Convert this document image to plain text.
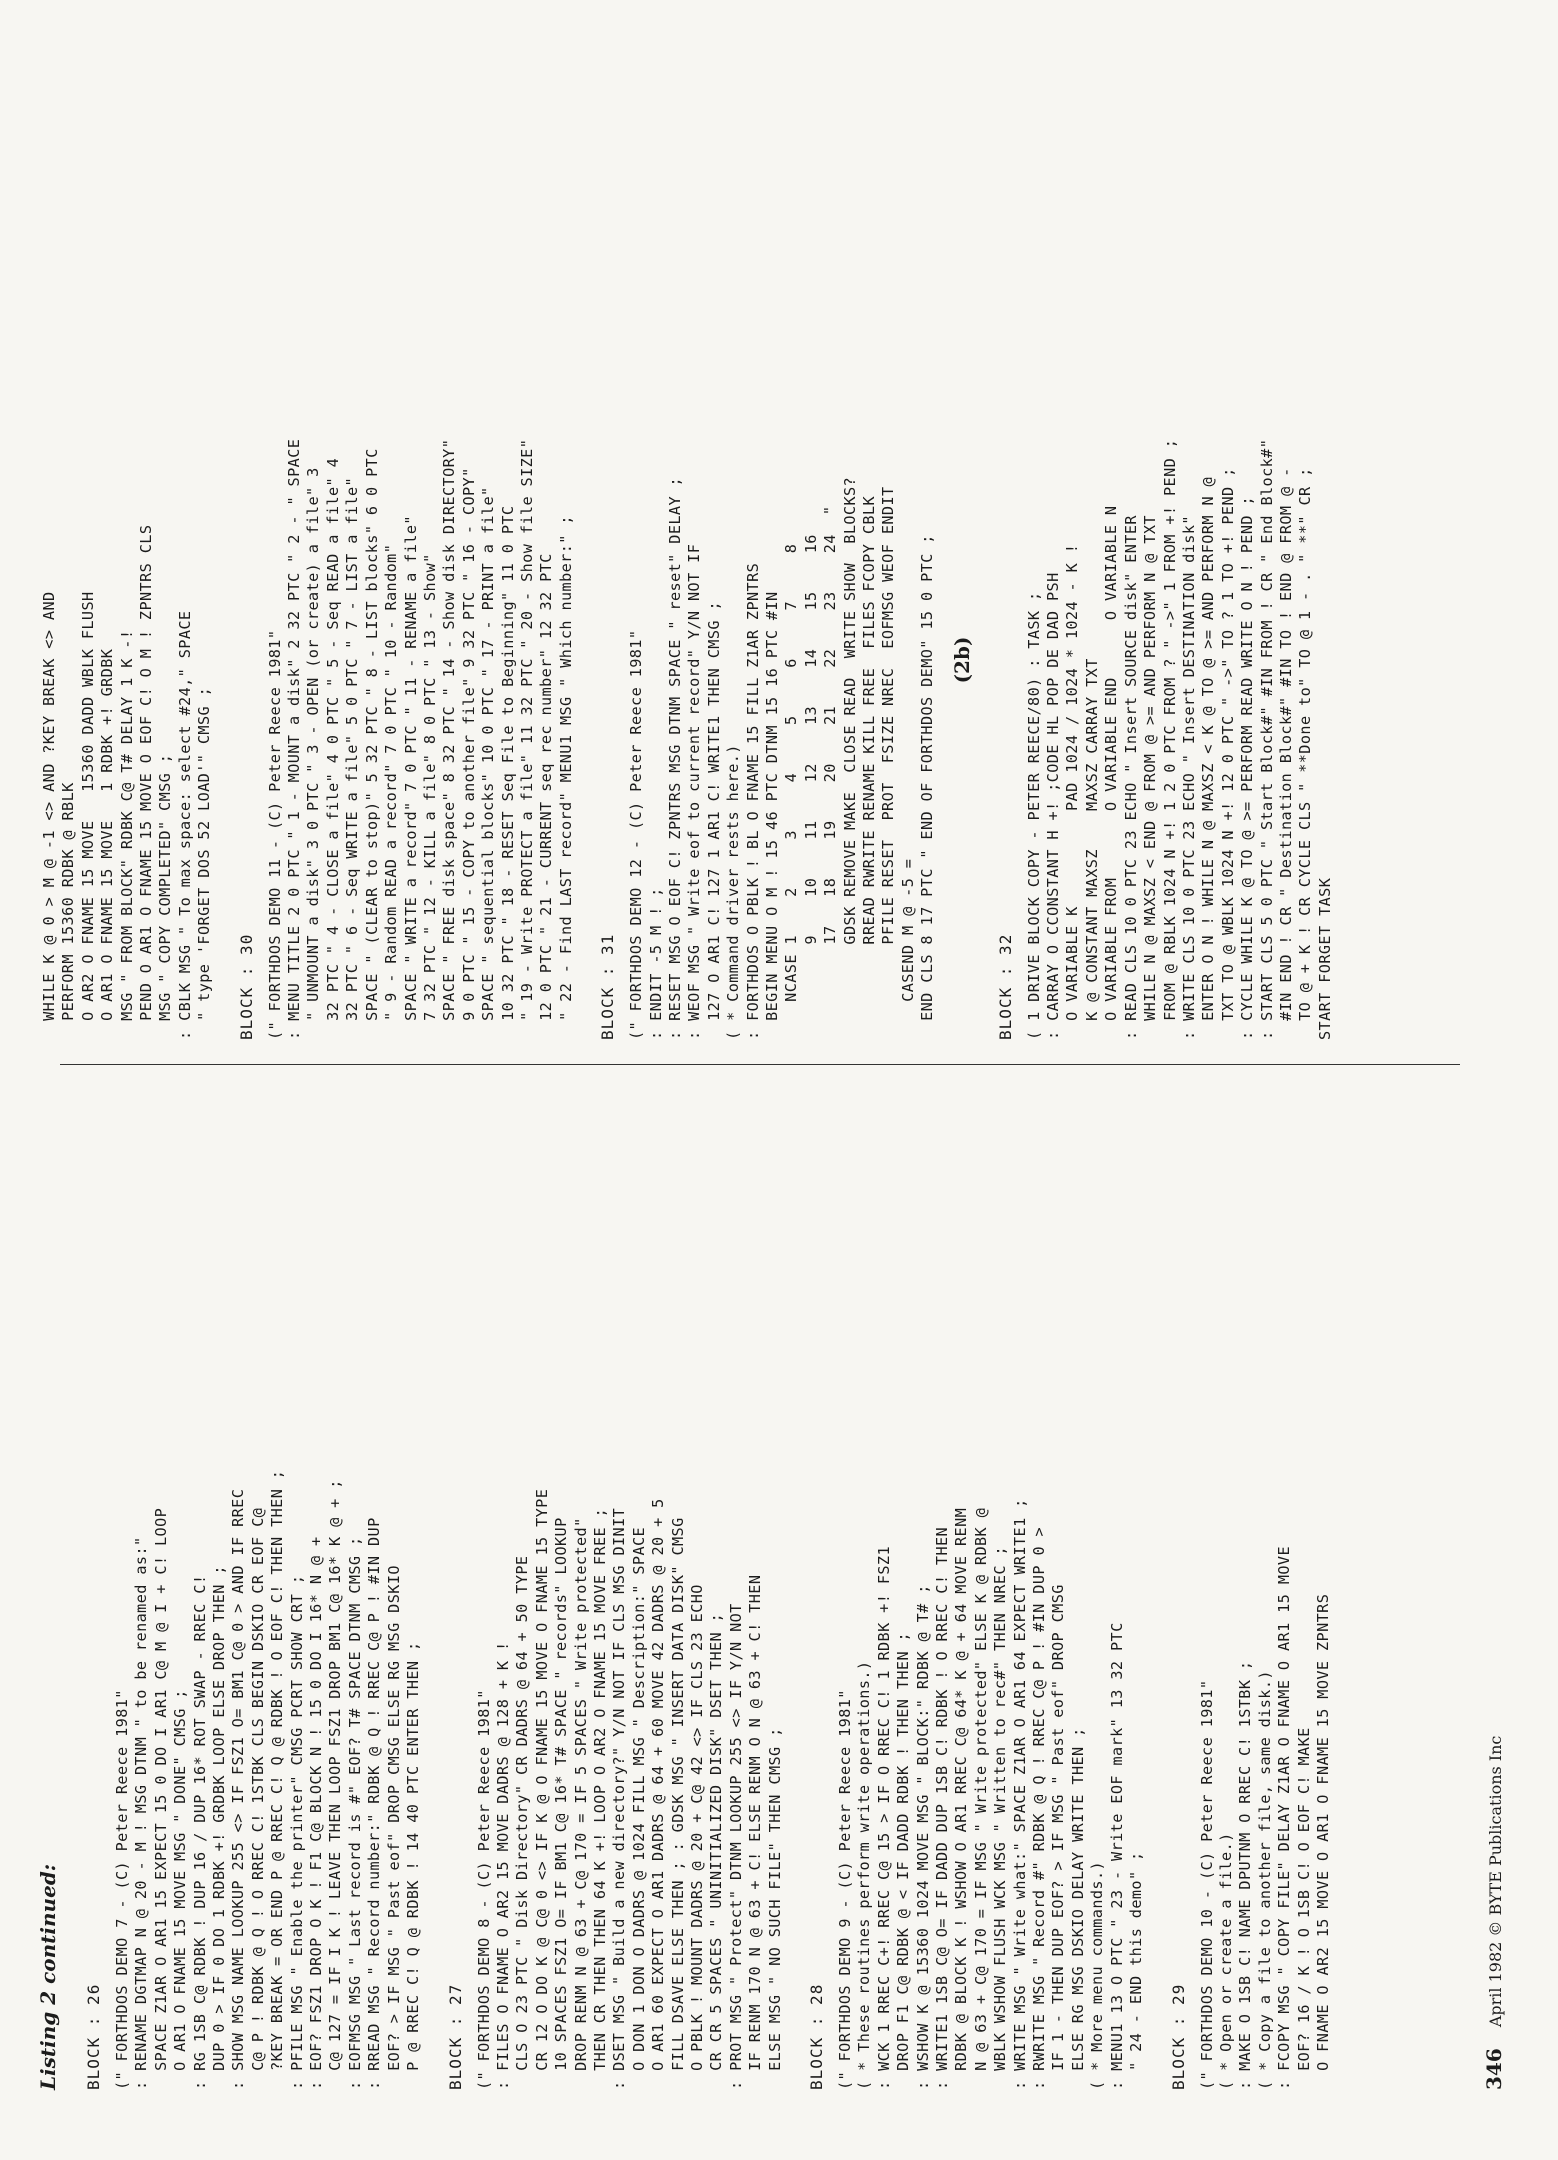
Listing 2 continued: BLOCK : 26 (" FORTHDOS DEMO 7 - (C) Peter Reece 1981" : RENAME DGTMAP N @ 20 - M ! MSG DTNM " to be renamed as:" SPACE Z1AR O AR1 15 EXPECT 15 0 DO I AR1 C@ M @ I + C! LOOP O AR1 O FNAME 15 MOVE MSG " DONE" CMSG ; : RG 1SB C@ RDBK ! DUP 16 / DUP 16* ROT SWAP - RREC C! DUP 0 > IF 0 DO 1 RDBK +! GRDBK LOOP ELSE DROP THEN ; : SHOW MSG NAME LOOKUP 255 <> IF FSZ1 O= BM1 C@ 0 > AND IF RREC C@ P ! RDBK @ Q ! O RREC C! 1STBK CLS BEGIN DSKIO CR EOF C@ ?KEY BREAK = OR END P @ RREC C! Q @ RDBK ! O EOF C! THEN THEN ; : PFILE MSG " Enable the printer" CMSG PCRT SHOW CRT ; : EOF? FSZ1 DROP O K ! F1 C@ BLOCK N ! 15 0 DO I 16* N @ + C@ 127 = IF I K ! LEAVE THEN LOOP FSZ1 DROP BM1 C@ 16* K @ + ; : EOFMSG MSG " Last record is #" EOF? T# SPACE DTNM CMSG ; : RREAD MSG " Record number:" RDBK @ Q ! RREC C@ P ! #IN DUP EOF? > IF MSG " Past eof" DROP CMSG ELSE RG MSG DSKIO P @ RREC C! Q @ RDBK ! 14 40 PTC ENTER THEN ; BLOCK : 27 (" FORTHDOS DEMO 8 - (C) Peter Reece 1981" : FILES O FNAME O AR2 15 MOVE DADRS @ 128 + K ! CLS O 23 PTC " Disk Directory" CR DADRS @ 64 + 50 TYPE CR 12 O DO K @ C@ 0 <> IF K @ O FNAME 15 MOVE O FNAME 15 TYPE 10 SPACES FSZ1 O= IF BM1 C@ 16* T# SPACE " records" LOOKUP DROP RENM N @ 63 + C@ 170 = IF 5 SPACES " Write protected" THEN CR THEN THEN 64 K +! LOOP O AR2 O FNAME 15 MOVE FREE ; : DSET MSG " Build a new directory?" Y/N NOT IF CLS MSG DINIT O DON 1 DON O DADRS @ 1024 FILL MSG " Description:" SPACE O AR1 60 EXPECT O AR1 DADRS @ 64 + 60 MOVE 42 DADRS @ 20 + 5 FILL DSAVE ELSE THEN ; : GDSK MSG " INSERT DATA DISK" CMSG O PBLK ! MOUNT DADRS @ 20 + C@ 42 <> IF CLS 23 ECHO CR CR 5 SPACES " UNINITIALIZED DISK" DSET THEN ; : PROT MSG " Protect" DTNM LOOKUP 255 <> IF Y/N NOT IF RENM 170 N @ 63 + C! ELSE RENM O N @ 63 + C! THEN ELSE MSG " NO SUCH FILE" THEN CMSG ; BLOCK : 28 (" FORTHDOS DEMO 9 - (C) Peter Reece 1981" ( * These routines perform write operations.) : WCK 1 RREC C+! RREC C@ 15 > IF O RREC C! 1 RDBK +! FSZ1 DROP F1 C@ RDBK @ < IF DADD RDBK ! THEN THEN ; : WSHOW K @ 15360 1024 MOVE MSG " BLOCK:" RDBK @ T# ; : WRITE1 1SB C@ O= IF DADD DUP 1SB C! RDBK ! O RREC C! THEN RDBK @ BLOCK K ! WSHOW O AR1 RREC C@ 64* K @ + 64 MOVE RENM N @ 63 + C@ 170 = IF MSG " Write protected" ELSE K @ RDBK @ WBLK WSHOW FLUSH WCK MSG " Written to rec#" THEN NREC ; : WRITE MSG " Write what:" SPACE Z1AR O AR1 64 EXPECT WRITE1 ; : RWRITE MSG " Record #" RDBK @ Q ! RREC C@ P ! #IN DUP 0 > IF 1 - THEN DUP EOF? > IF MSG " Past eof" DROP CMSG ELSE RG MSG DSKIO DELAY WRITE THEN ; ( * More menu commands.) : MENU1 13 O PTC " 23 - Write EOF mark" 13 32 PTC " 24 - END this demo" ; BLOCK : 29 (" FORTHDOS DEMO 10 - (C) Peter Reece 1981" ( * Open or create a file.) : MAKE O 1SB C! NAME DPUTNM O RREC C! 1STBK ; ( * Copy a file to another file, same disk.) : FCOPY MSG " COPY FILE" DELAY Z1AR O FNAME O AR1 15 MOVE EOF? 16 / K ! O 1SB C! O EOF C! MAKE O FNAME O AR2 15 MOVE O AR1 O FNAME 15 MOVE ZPNTRS
WHILE K @ 0 > M @ -1 <> AND ?KEY BREAK <> AND PERFORM 15360 RDBK @ RBLK O AR2 O FNAME 15 MOVE   15360 DADD WBLK FLUSH O AR1 O FNAME 15 MOVE   1 RDBK +! GRDBK MSG " FROM BLOCK" RDBK C@ T# DELAY 1 K -! PEND O AR1 O FNAME 15 MOVE O EOF C! O M ! ZPNTRS CLS MSG " COPY COMPLETED" CMSG ; : CBLK MSG " To max space: select #24," SPACE " type 'FORGET DOS 52 LOAD'" CMSG ; BLOCK : 30 (" FORTHDOS DEMO 11 - (C) Peter Reece 1981" : MENU TITLE 2 0 PTC " 1 - MOUNT a disk" 2 32 PTC " 2 - " SPACE " UNMOUNT a disk" 3 0 PTC " 3 - OPEN (or create) a file" 3 32 PTC " 4 - CLOSE a file" 4 0 PTC " 5 - Seq READ a file" 4 32 PTC " 6 - Seq WRITE a file" 5 0 PTC " 7 - LIST a file" SPACE " (CLEAR to stop)" 5 32 PTC " 8 - LIST blocks" 6 0 PTC " 9 - Random READ a record" 7 0 PTC " 10 - Random" SPACE " WRITE a record" 7 0 PTC " 11 - RENAME a file" 7 32 PTC " 12 - KILL a file" 8 0 PTC " 13 - Show" SPACE " FREE disk space" 8 32 PTC " 14 - Show disk DIRECTORY" 9 0 PTC " 15 - COPY to another file" 9 32 PTC " 16 - COPY" SPACE " sequential blocks" 10 0 PTC " 17 - PRINT a file" 10 32 PTC " 18 - RESET Seq File to Beginning" 11 0 PTC " 19 - Write PROTECT a file" 11 32 PTC " 20 - Show file SIZE" 12 0 PTC " 21 - CURRENT seq rec number" 12 32 PTC " 22 - Find LAST record" MENU1 MSG " Which number:" ; BLOCK : 31 (" FORTHDOS DEMO 12 - (C) Peter Reece 1981" : ENDIT -5 M ! ; : RESET MSG O EOF C! ZPNTRS MSG DTNM SPACE " reset" DELAY ; : WEOF MSG " Write eof to current record" Y/N NOT IF 127 O AR1 C! 127 1 AR1 C! WRITE1 THEN CMSG ; ( * Command driver rests here.) : FORTHDOS O PBLK ! BL O FNAME 15 FILL Z1AR ZPNTRS BEGIN MENU O M ! 15 46 PTC DTNM 15 16 PTC #IN NCASE 1    2     3     4     5     6     7     8 9    10    11    12    13    14    15    16 17   18    19    20    21    22    23    24  " GDSK REMOVE MAKE  CLOSE READ  WRITE SHOW  BLOCKS? RREAD RWRITE RENAME KILL FREE  FILES FCOPY CBLK PFILE RESET  PROT  FSIZE NREC  EOFMSG WEOF ENDIT CASEND M @ -5 = END CLS 8 17 PTC " END OF FORTHDOS DEMO" 15 0 PTC ; (2b)
BLOCK : 32 ( 1 DRIVE BLOCK COPY - PETER REECE/80) : TASK ; : CARRAY O CCONSTANT H +! ;CODE HL POP DE DAD PSH O VARIABLE K          PAD 1024 / 1024 * 1024 - K ! K @ CONSTANT MAXSZ    MAXSZ CARRAY TXT O VARIABLE FROM       O VARIABLE END      O VARIABLE N : READ CLS 10 0 PTC 23 ECHO " Insert SOURCE disk" ENTER WHILE N @ MAXSZ < END @ FROM @ >= AND PERFORM N @ TXT FROM @ RBLK 1024 N +! 1 2 0 PTC FROM ? " ->" 1 FROM +! PEND ; : WRITE CLS 10 0 PTC 23 ECHO " Insert DESTINATION disk" ENTER O N ! WHILE N @ MAXSZ < K @ TO @ >= AND PERFORM N @ TXT TO @ WBLK 1024 N +! 12 0 PTC " ->" TO ? 1 TO +! PEND ; : CYCLE WHILE K @ TO @ >= PERFORM READ WRITE O N ! PEND ; : START CLS 5 0 PTC " Start Block#" #IN FROM ! CR " End Block#" #IN END ! CR " Destination Block#" #IN TO ! END @ FROM @ - TO @ + K ! CR CYCLE CLS " **Done to" TO @ 1 - . " **" CR ; START FORGET TASK
346 April 1982 © BYTE Publications Inc
